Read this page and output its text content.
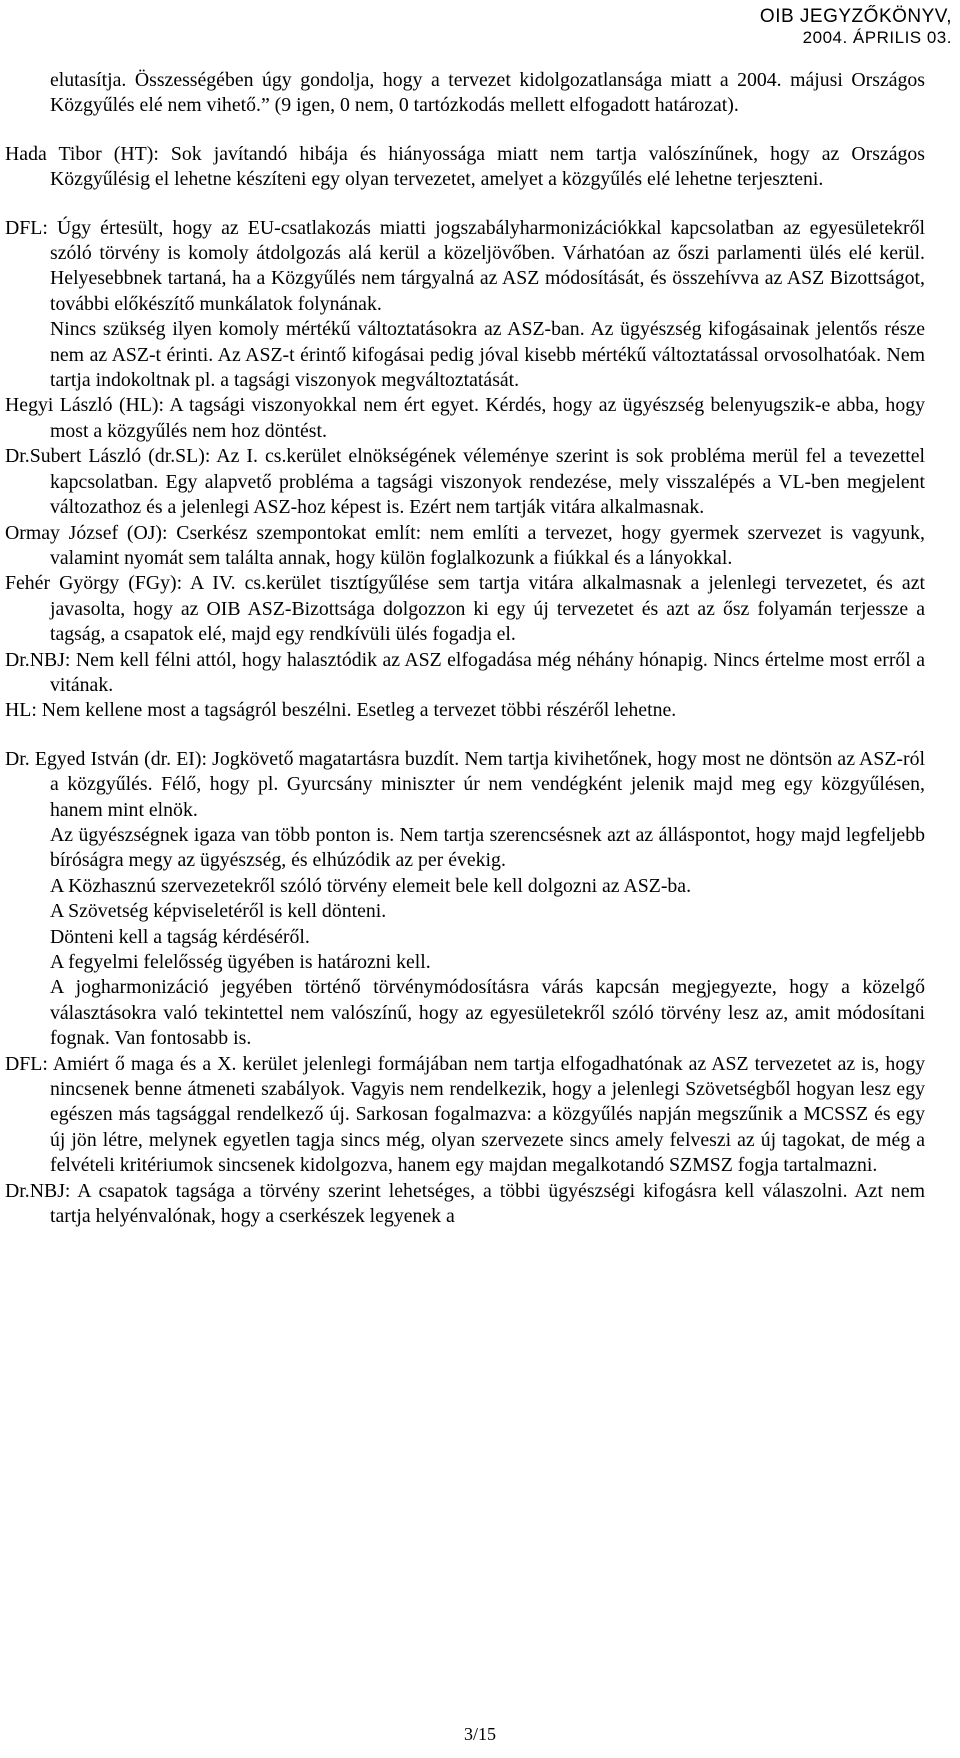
OIB JEGYZŐKÖNYV,
2004. ÁPRILIS 03.

elutasítja. Összességében úgy gondolja, hogy a tervezet kidolgozatlansága miatt a 2004. májusi Országos Közgyűlés elé nem vihető.” (9 igen, 0 nem, 0 tartózkodás mellett elfogadott határozat).

Hada Tibor (HT): Sok javítandó hibája és hiányossága miatt nem tartja valószínűnek, hogy az Országos Közgyűlésig el lehetne készíteni egy olyan tervezetet, amelyet a közgyűlés elé lehetne terjeszteni.

DFL: Úgy értesült, hogy az EU-csatlakozás miatti jogszabályharmonizációkkal kapcsolatban az egyesületekről szóló törvény is komoly átdolgozás alá kerül a közeljövőben. Várhatóan az őszi parlamenti ülés elé kerül. Helyesebbnek tartaná, ha a Közgyűlés nem tárgyalná az ASZ módosítását, és összehívva az ASZ Bizottságot, további előkészítő munkálatok folynának.

Nincs szükség ilyen komoly mértékű változtatásokra az ASZ-ban. Az ügyészség kifogásainak jelentős része nem az ASZ-t érinti. Az ASZ-t érintő kifogásai pedig jóval kisebb mértékű változtatással orvosolhatóak. Nem tartja indokoltnak pl. a tagsági viszonyok megváltoztatását.

Hegyi László (HL): A tagsági viszonyokkal nem ért egyet. Kérdés, hogy az ügyészség belenyugszik-e abba, hogy most a közgyűlés nem hoz döntést.

Dr.Subert László (dr.SL): Az I. cs.kerület elnökségének véleménye szerint is sok probléma merül fel a tevezettel kapcsolatban. Egy alapvető probléma a tagsági viszonyok rendezése, mely visszalépés a VL-ben megjelent változathoz és a jelenlegi ASZ-hoz képest is. Ezért nem tartják vitára alkalmasnak.

Ormay József (OJ): Cserkész szempontokat említ: nem említi a tervezet, hogy gyermek szervezet is vagyunk, valamint nyomát sem találta annak, hogy külön foglalkozunk a fiúkkal és a lányokkal.

Fehér György (FGy): A IV. cs.kerület tisztígyűlése sem tartja vitára alkalmasnak a jelenlegi tervezetet, és azt javasolta, hogy az OIB ASZ-Bizottsága dolgozzon ki egy új tervezetet és azt az ősz folyamán terjessze a tagság, a csapatok elé, majd egy rendkívüli ülés fogadja el.

Dr.NBJ: Nem kell félni attól, hogy halasztódik az ASZ elfogadása még néhány hónapig. Nincs értelme most erről a vitának.

HL: Nem kellene most a tagságról beszélni. Esetleg a tervezet többi részéről lehetne.

Dr. Egyed István (dr. EI): Jogkövető magatartásra buzdít. Nem tartja kivihetőnek, hogy most ne döntsön az ASZ-ról a közgyűlés. Félő, hogy pl. Gyurcsány miniszter úr nem vendégként jelenik majd meg egy közgyűlésen, hanem mint elnök.

Az ügyészségnek igaza van több ponton is. Nem tartja szerencsésnek azt az álláspontot, hogy majd legfeljebb bíróságra megy az ügyészség, és elhúzódik az per évekig.

A Közhasznú szervezetekről szóló törvény elemeit bele kell dolgozni az ASZ-ba.

A Szövetség képviseletéről is kell dönteni.

Dönteni kell a tagság kérdéséről.

A fegyelmi felelősség ügyében is határozni kell.

A jogharmonizáció jegyében történő törvénymódosításra várás kapcsán megjegyezte, hogy a közelgő választásokra való tekintettel nem valószínű, hogy az egyesületekről szóló törvény lesz az, amit módosítani fognak. Van fontosabb is.

DFL: Amiért ő maga és a X. kerület jelenlegi formájában nem tartja elfogadhatónak az ASZ tervezetet az is, hogy nincsenek benne átmeneti szabályok. Vagyis nem rendelkezik, hogy a jelenlegi Szövetségből hogyan lesz egy egészen más tagsággal rendelkező új. Sarkosan fogalmazva: a közgyűlés napján megszűnik a MCSSZ és egy új jön létre, melynek egyetlen tagja sincs még, olyan szervezete sincs amely felveszi az új tagokat, de még a felvételi kritériumok sincsenek kidolgozva, hanem egy majdan megalkotandó SZMSZ fogja tartalmazni.

Dr.NBJ: A csapatok tagsága a törvény szerint lehetséges, a többi ügyészségi kifogásra kell válaszolni. Azt nem tartja helyénvalónak, hogy a cserkészek legyenek a

3/15
